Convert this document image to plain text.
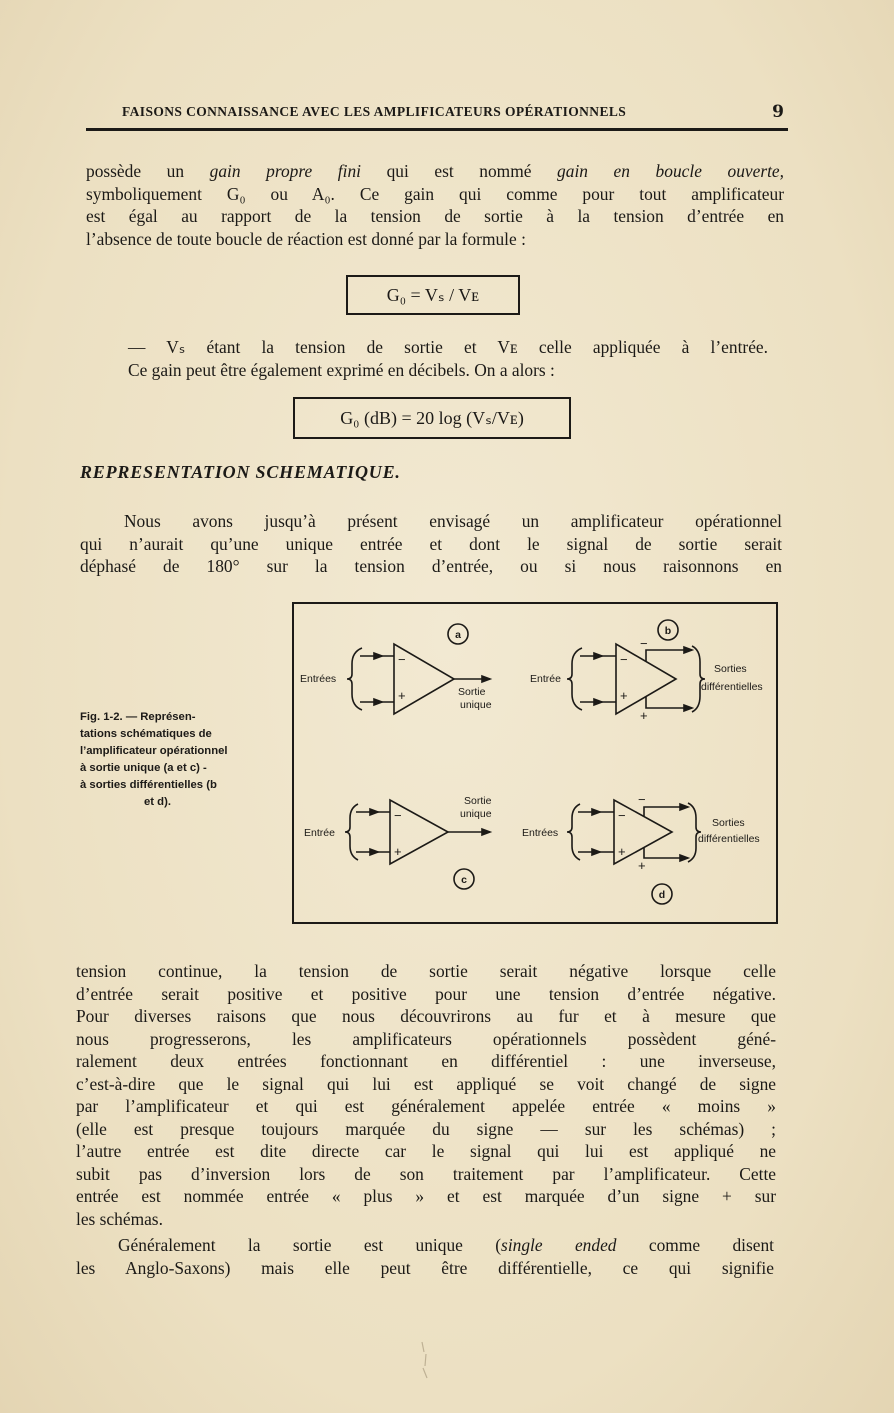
FAISONS CONNAISSANCE AVEC LES AMPLIFICATEURS OPÉRATIONNELS	9
possède un gain propre fini qui est nommé gain en boucle ouverte,
symboliquement G₀ ou A₀. Ce gain qui comme pour tout amplificateur
est égal au rapport de la tension de sortie à la tension d’entrée en
l’absence de toute boucle de réaction est donné par la formule :
G₀ = Vₛ / Vᴇ
— Vₛ étant la tension de sortie et Vᴇ celle appliquée à l’entrée.
Ce gain peut être également exprimé en décibels. On a alors :
G₀ (dB) = 20 log (Vₛ/Vᴇ)
REPRESENTATION SCHEMATIQUE.
Nous avons jusqu’à présent envisagé un amplificateur opérationnel
qui n’aurait qu’une unique entrée et dont le signal de sortie serait
déphasé de 180° sur la tension d’entrée, ou si nous raisonnons en
Fig. 1-2. — Représen-
tations schématiques de
l’amplificateur opérationnel
à sortie unique (a et c) -
à sorties différentielles (b
et d).
a
Entrées
−
+	Sortie
unique
b
Entrée
−
+
−
+
Sorties
différentielles
c
Entrée
−
+
Sortie
unique
d
Entrées
−
+
−
+
Sorties
différentielles
tension continue, la tension de sortie serait négative lorsque celle
d’entrée serait positive et positive pour une tension d’entrée négative.
Pour diverses raisons que nous découvrirons au fur et à mesure que
nous progresserons, les amplificateurs opérationnels possèdent géné-
ralement deux entrées fonctionnant en différentiel : une inverseuse,
c’est-à-dire que le signal qui lui est appliqué se voit changé de signe
par l’amplificateur et qui est généralement appelée entrée « moins »
(elle est presque toujours marquée du signe — sur les schémas) ;
l’autre entrée est dite directe car le signal qui lui est appliqué ne
subit pas d’inversion lors de son traitement par l’amplificateur. Cette
entrée est nommée entrée « plus » et est marquée d’un signe + sur
les schémas.
Généralement la sortie est unique (single ended comme disent
les Anglo-Saxons) mais elle peut être différentielle, ce qui signifie
